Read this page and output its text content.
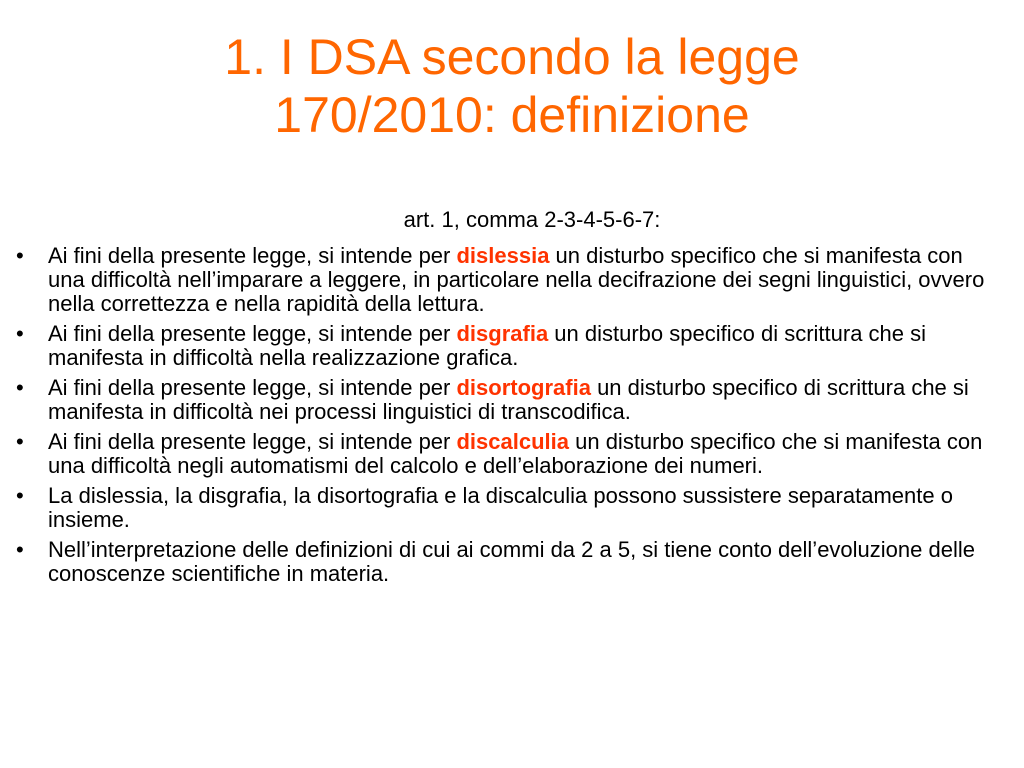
1. I DSA secondo la legge
170/2010: definizione

art. 1, comma 2-3-4-5-6-7:

•	Ai fini della presente legge, si intende per dislessia un disturbo specifico che si manifesta con una difficoltà nell’imparare a leggere, in particolare nella decifrazione dei segni linguistici, ovvero nella correttezza e nella rapidità della lettura.
•	Ai fini della presente legge, si intende per disgrafia un disturbo specifico di scrittura che si manifesta in difficoltà nella realizzazione grafica.
•	Ai fini della presente legge, si intende per disortografia un disturbo specifico di scrittura che si manifesta in difficoltà nei processi linguistici di transcodifica.
•	Ai fini della presente legge, si intende per discalculia un disturbo specifico che si manifesta con una difficoltà negli automatismi del calcolo e dell’elaborazione dei numeri.
•	La dislessia, la disgrafia, la disortografia e la discalculia possono sussistere separatamente o insieme.
•	Nell’interpretazione delle definizioni di cui ai commi da 2 a 5, si tiene conto dell’evoluzione delle conoscenze scientifiche in materia.
